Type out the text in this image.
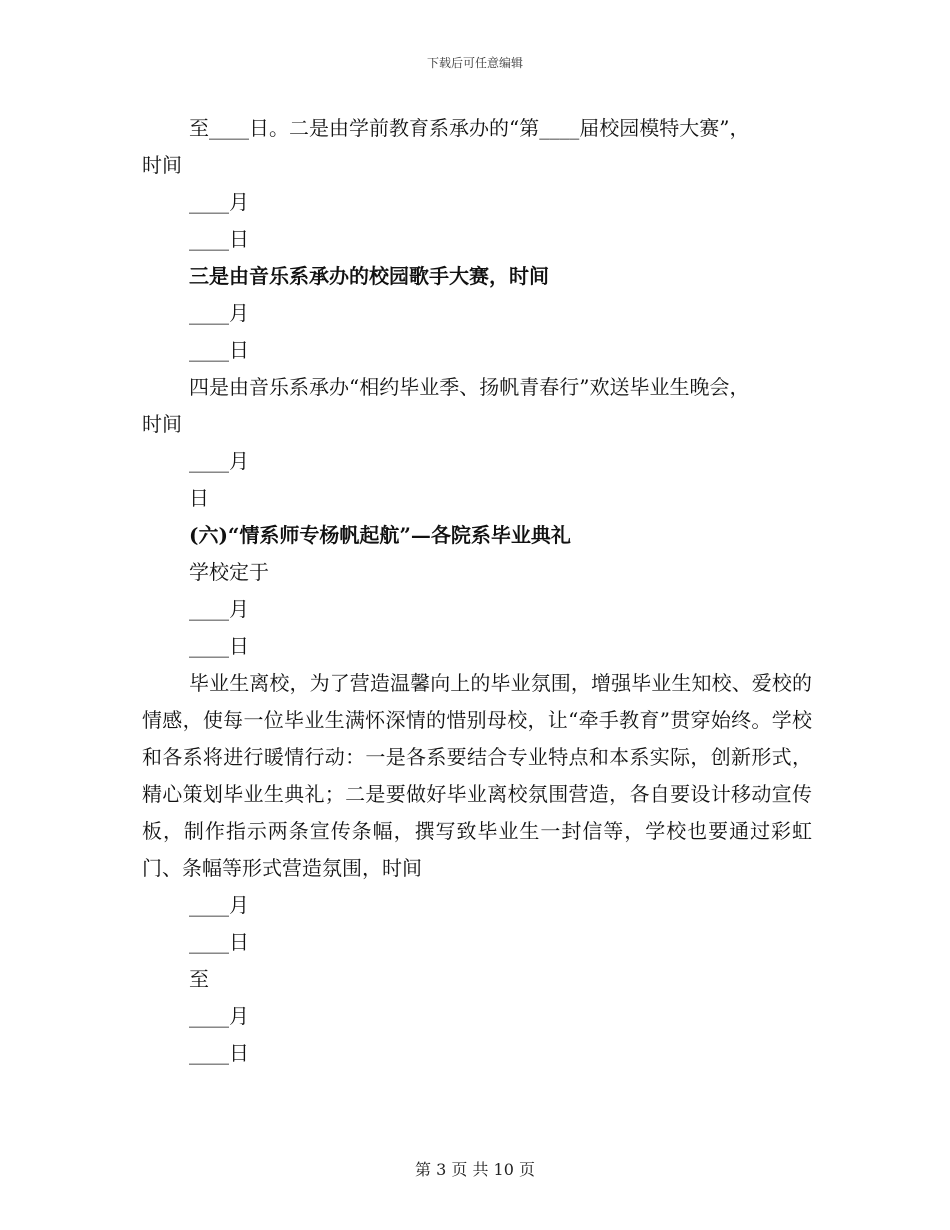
下载后可任意编辑
至____日。二是由学前教育系承办的“第____届校园模特大赛”，
时间
____月
____日
三是由音乐系承办的校园歌手大赛，时间
____月
____日
四是由音乐系承办“相约毕业季、扬帆青春行”欢送毕业生晚会，
时间
____月
日
(六)“情系师专杨帆起航”—各院系毕业典礼
学校定于
____月
____日
毕业生离校，为了营造温馨向上的毕业氛围，增强毕业生知校、爱校的情感，使每一位毕业生满怀深情的惜别母校，让“牵手教育”贯穿始终。学校和各系将进行暖情行动：一是各系要结合专业特点和本系实际，创新形式，精心策划毕业生典礼；二是要做好毕业离校氛围营造，各自要设计移动宣传板，制作指示两条宣传条幅，撰写致毕业生一封信等，学校也要通过彩虹门、条幅等形式营造氛围，时间
____月
____日
至
____月
____日
第 3 页 共 10 页
